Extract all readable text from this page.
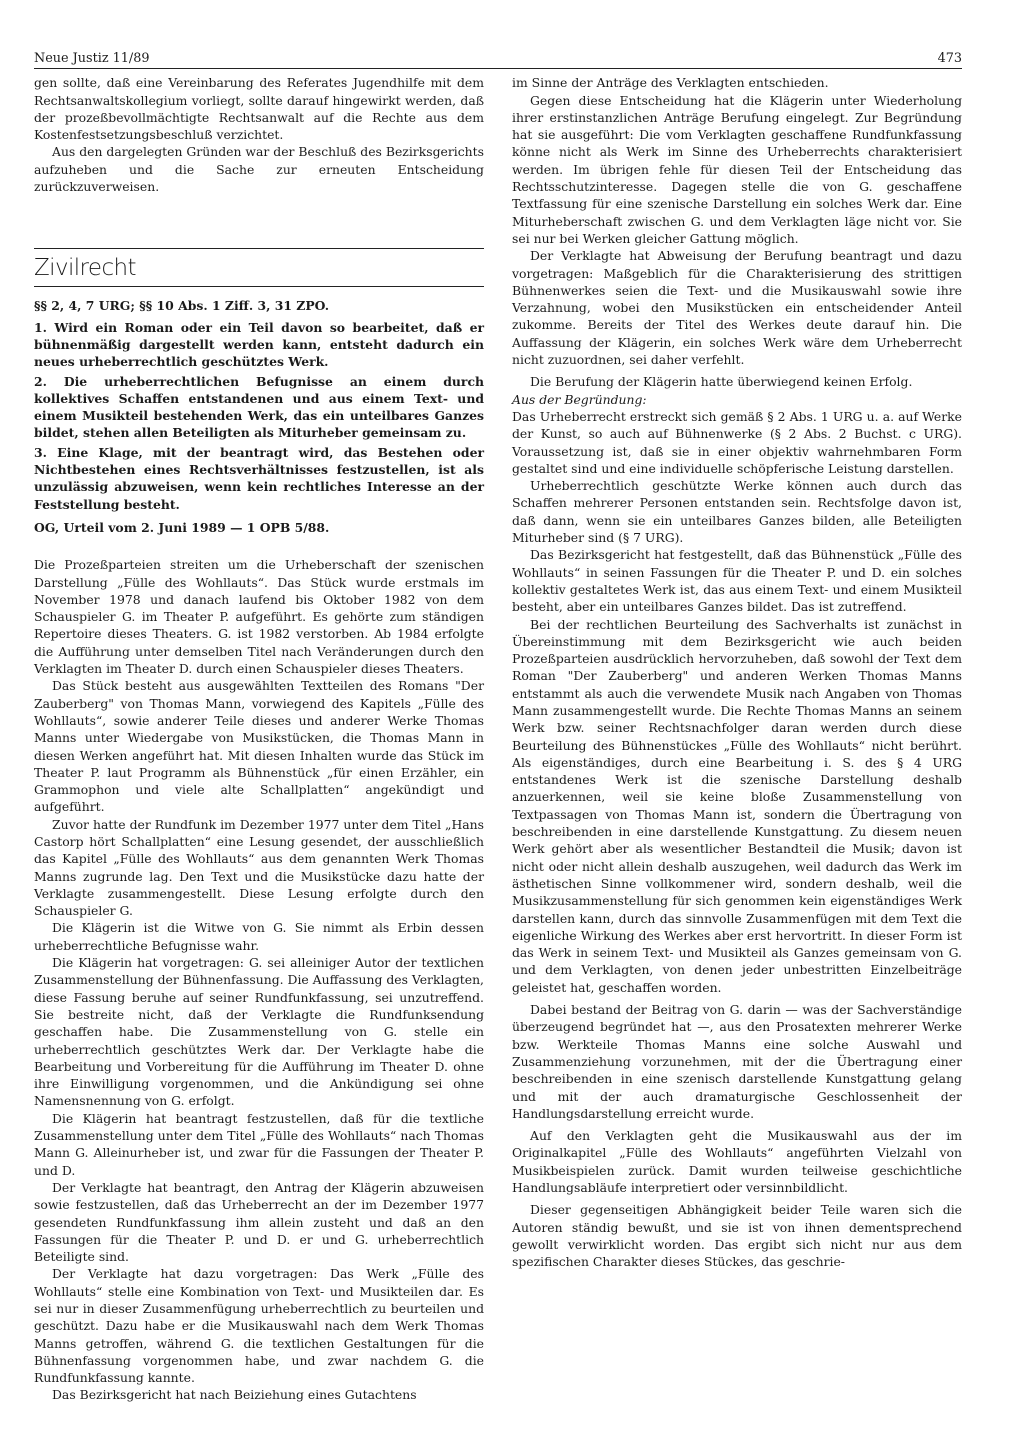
Neue Justiz 11/89	473

gen sollte, daß eine Vereinbarung des Referates Jugendhilfe mit dem Rechtsanwaltskollegium vorliegt, sollte darauf hingewirkt werden, daß der prozeßbevollmächtigte Rechtsanwalt auf die Rechte aus dem Kostenfestsetzungsbeschluß verzichtet.

Aus den dargelegten Gründen war der Beschluß des Bezirksgerichts aufzuheben und die Sache zur erneuten Entscheidung zurückzuverweisen.

Zivilrecht

§§ 2, 4, 7 URG; §§ 10 Abs. 1 Ziff. 3, 31 ZPO.

1. Wird ein Roman oder ein Teil davon so bearbeitet, daß er bühnenmäßig dargestellt werden kann, entsteht dadurch ein neues urheberrechtlich geschütztes Werk.

2. Die urheberrechtlichen Befugnisse an einem durch kollektives Schaffen entstandenen und aus einem Text- und einem Musikteil bestehenden Werk, das ein unteilbares Ganzes bildet, stehen allen Beteiligten als Miturheber gemeinsam zu.

3. Eine Klage, mit der beantragt wird, das Bestehen oder Nichtbestehen eines Rechtsverhältnisses festzustellen, ist als unzulässig abzuweisen, wenn kein rechtliches Interesse an der Feststellung besteht.

OG, Urteil vom 2. Juni 1989 — 1 OPB 5/88.

Die Prozeßparteien streiten um die Urheberschaft der szenischen Darstellung „Fülle des Wohllauts“. Das Stück wurde erstmals im November 1978 und danach laufend bis Oktober 1982 von dem Schauspieler G. im Theater P. aufgeführt. Es gehörte zum ständigen Repertoire dieses Theaters. G. ist 1982 verstorben. Ab 1984 erfolgte die Aufführung unter demselben Titel nach Veränderungen durch den Verklagten im Theater D. durch einen Schauspieler dieses Theaters.

Das Stück besteht aus ausgewählten Textteilen des Romans "Der Zauberberg" von Thomas Mann, vorwiegend des Kapitels „Fülle des Wohllauts“, sowie anderer Teile dieses und anderer Werke Thomas Manns unter Wiedergabe von Musikstücken, die Thomas Mann in diesen Werken angeführt hat. Mit diesen Inhalten wurde das Stück im Theater P. laut Programm als Bühnenstück „für einen Erzähler, ein Grammophon und viele alte Schallplatten“ angekündigt und aufgeführt.

Zuvor hatte der Rundfunk im Dezember 1977 unter dem Titel „Hans Castorp hört Schallplatten“ eine Lesung gesendet, der ausschließlich das Kapitel „Fülle des Wohllauts“ aus dem genannten Werk Thomas Manns zugrunde lag. Den Text und die Musikstücke dazu hatte der Verklagte zusammengestellt. Diese Lesung erfolgte durch den Schauspieler G.

Die Klägerin ist die Witwe von G. Sie nimmt als Erbin dessen urheberrechtliche Befugnisse wahr.

Die Klägerin hat vorgetragen: G. sei alleiniger Autor der textlichen Zusammenstellung der Bühnenfassung. Die Auffassung des Verklagten, diese Fassung beruhe auf seiner Rundfunkfassung, sei unzutreffend. Sie bestreite nicht, daß der Verklagte die Rundfunksendung geschaffen habe. Die Zusammenstellung von G. stelle ein urheberrechtlich geschütztes Werk dar. Der Verklagte habe die Bearbeitung und Vorbereitung für die Aufführung im Theater D. ohne ihre Einwilligung vorgenommen, und die Ankündigung sei ohne Namensnennung von G. erfolgt.

Die Klägerin hat beantragt festzustellen, daß für die textliche Zusammenstellung unter dem Titel „Fülle des Wohllauts“ nach Thomas Mann G. Alleinurheber ist, und zwar für die Fassungen der Theater P. und D.

Der Verklagte hat beantragt, den Antrag der Klägerin abzuweisen sowie festzustellen, daß das Urheberrecht an der im Dezember 1977 gesendeten Rundfunkfassung ihm allein zusteht und daß an den Fassungen für die Theater P. und D. er und G. urheberrechtlich Beteiligte sind.

Der Verklagte hat dazu vorgetragen: Das Werk „Fülle des Wohllauts“ stelle eine Kombination von Text- und Musikteilen dar. Es sei nur in dieser Zusammenfügung urheberrechtlich zu beurteilen und geschützt. Dazu habe er die Musikauswahl nach dem Werk Thomas Manns getroffen, während G. die textlichen Gestaltungen für die Bühnenfassung vorgenommen habe, und zwar nachdem G. die Rundfunkfassung kannte.

Das Bezirksgericht hat nach Beiziehung eines Gutachtens

im Sinne der Anträge des Verklagten entschieden.

Gegen diese Entscheidung hat die Klägerin unter Wiederholung ihrer erstinstanzlichen Anträge Berufung eingelegt. Zur Begründung hat sie ausgeführt: Die vom Verklagten geschaffene Rundfunkfassung könne nicht als Werk im Sinne des Urheberrechts charakterisiert werden. Im übrigen fehle für diesen Teil der Entscheidung das Rechtsschutzinteresse. Dagegen stelle die von G. geschaffene Textfassung für eine szenische Darstellung ein solches Werk dar. Eine Miturheberschaft zwischen G. und dem Verklagten läge nicht vor. Sie sei nur bei Werken gleicher Gattung möglich.

Der Verklagte hat Abweisung der Berufung beantragt und dazu vorgetragen: Maßgeblich für die Charakterisierung des strittigen Bühnenwerkes seien die Text- und die Musikauswahl sowie ihre Verzahnung, wobei den Musikstücken ein entscheidender Anteil zukomme. Bereits der Titel des Werkes deute darauf hin. Die Auffassung der Klägerin, ein solches Werk wäre dem Urheberrecht nicht zuzuordnen, sei daher verfehlt.

Die Berufung der Klägerin hatte überwiegend keinen Erfolg.

Aus der Begründung:

Das Urheberrecht erstreckt sich gemäß § 2 Abs. 1 URG u. a. auf Werke der Kunst, so auch auf Bühnenwerke (§ 2 Abs. 2 Buchst. c URG). Voraussetzung ist, daß sie in einer objektiv wahrnehmbaren Form gestaltet sind und eine individuelle schöpferische Leistung darstellen.

Urheberrechtlich geschützte Werke können auch durch das Schaffen mehrerer Personen entstanden sein. Rechtsfolge davon ist, daß dann, wenn sie ein unteilbares Ganzes bilden, alle Beteiligten Miturheber sind (§ 7 URG).

Das Bezirksgericht hat festgestellt, daß das Bühnenstück „Fülle des Wohllauts“ in seinen Fassungen für die Theater P. und D. ein solches kollektiv gestaltetes Werk ist, das aus einem Text- und einem Musikteil besteht, aber ein unteilbares Ganzes bildet. Das ist zutreffend.

Bei der rechtlichen Beurteilung des Sachverhalts ist zunächst in Übereinstimmung mit dem Bezirksgericht wie auch beiden Prozeßparteien ausdrücklich hervorzuheben, daß sowohl der Text dem Roman "Der Zauberberg" und anderen Werken Thomas Manns entstammt als auch die verwendete Musik nach Angaben von Thomas Mann zusammengestellt wurde. Die Rechte Thomas Manns an seinem Werk bzw. seiner Rechtsnachfolger daran werden durch diese Beurteilung des Bühnenstückes „Fülle des Wohllauts“ nicht berührt. Als eigenständiges, durch eine Bearbeitung i. S. des § 4 URG entstandenes Werk ist die szenische Darstellung deshalb anzuerkennen, weil sie keine bloße Zusammenstellung von Textpassagen von Thomas Mann ist, sondern die Übertragung von beschreibenden in eine darstellende Kunstgattung. Zu diesem neuen Werk gehört aber als wesentlicher Bestandteil die Musik; davon ist nicht oder nicht allein deshalb auszugehen, weil dadurch das Werk im ästhetischen Sinne vollkommener wird, sondern deshalb, weil die Musikzusammenstellung für sich genommen kein eigenständiges Werk darstellen kann, durch das sinnvolle Zusammenfügen mit dem Text die eigenliche Wirkung des Werkes aber erst hervortritt. In dieser Form ist das Werk in seinem Text- und Musikteil als Ganzes gemeinsam von G. und dem Verklagten, von denen jeder unbestritten Einzelbeiträge geleistet hat, geschaffen worden.

Dabei bestand der Beitrag von G. darin — was der Sachverständige überzeugend begründet hat —, aus den Prosatexten mehrerer Werke bzw. Werkteile Thomas Manns eine solche Auswahl und Zusammenziehung vorzunehmen, mit der die Übertragung einer beschreibenden in eine szenisch darstellende Kunstgattung gelang und mit der auch dramaturgische Geschlossenheit der Handlungsdarstellung erreicht wurde.

Auf den Verklagten geht die Musikauswahl aus der im Originalkapitel „Fülle des Wohllauts“ angeführten Vielzahl von Musikbeispielen zurück. Damit wurden teilweise geschichtliche Handlungsabläufe interpretiert oder versinnbildlicht.

Dieser gegenseitigen Abhängigkeit beider Teile waren sich die Autoren ständig bewußt, und sie ist von ihnen dementsprechend gewollt verwirklicht worden. Das ergibt sich nicht nur aus dem spezifischen Charakter dieses Stückes, das geschrie-
